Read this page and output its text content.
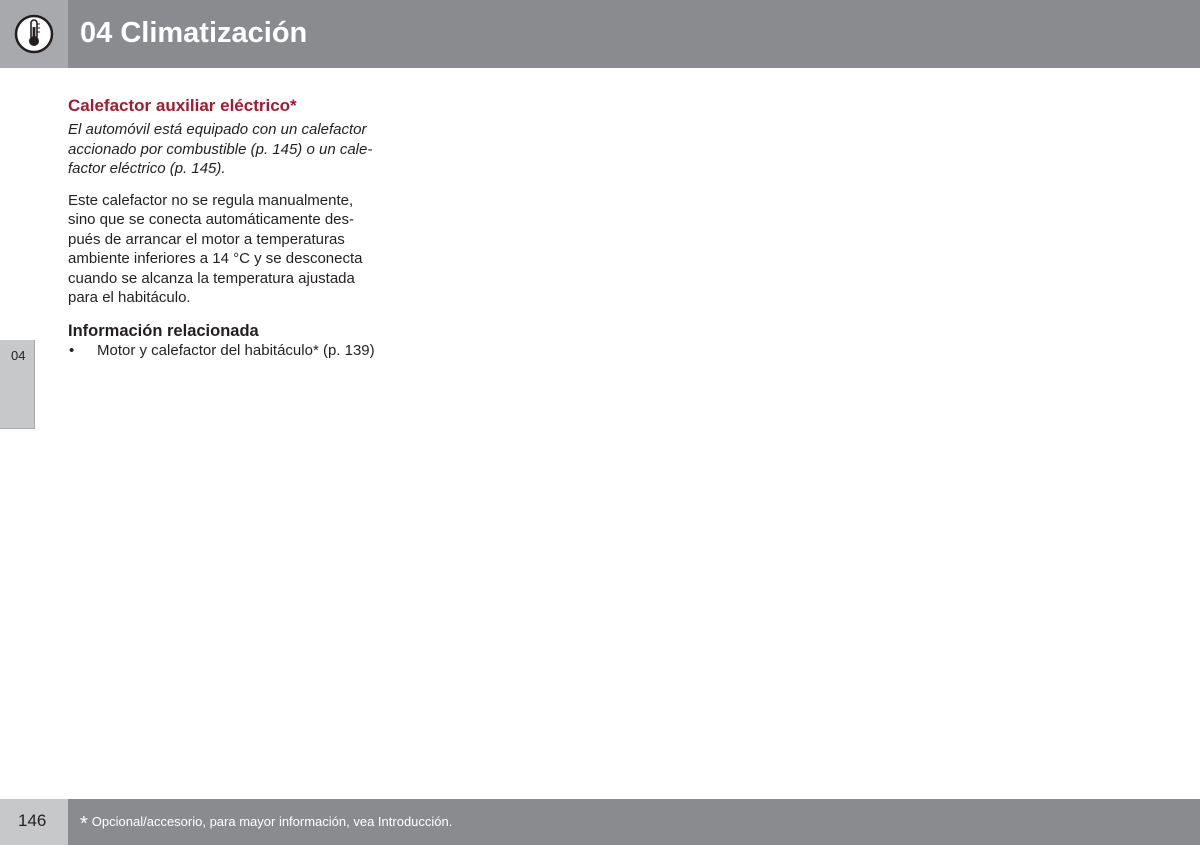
04 Climatización
04
Calefactor auxiliar eléctrico*
El automóvil está equipado con un calefactor
accionado por combustible (p. 145) o un cale-
factor eléctrico (p. 145).
Este calefactor no se regula manualmente,
sino que se conecta automáticamente des-
pués de arrancar el motor a temperaturas
ambiente inferiores a 14 °C y se desconecta
cuando se alcanza la temperatura ajustada
para el habitáculo.
Información relacionada
• Motor y calefactor del habitáculo* (p. 139)
146 * Opcional/accesorio, para mayor información, vea Introducción.
